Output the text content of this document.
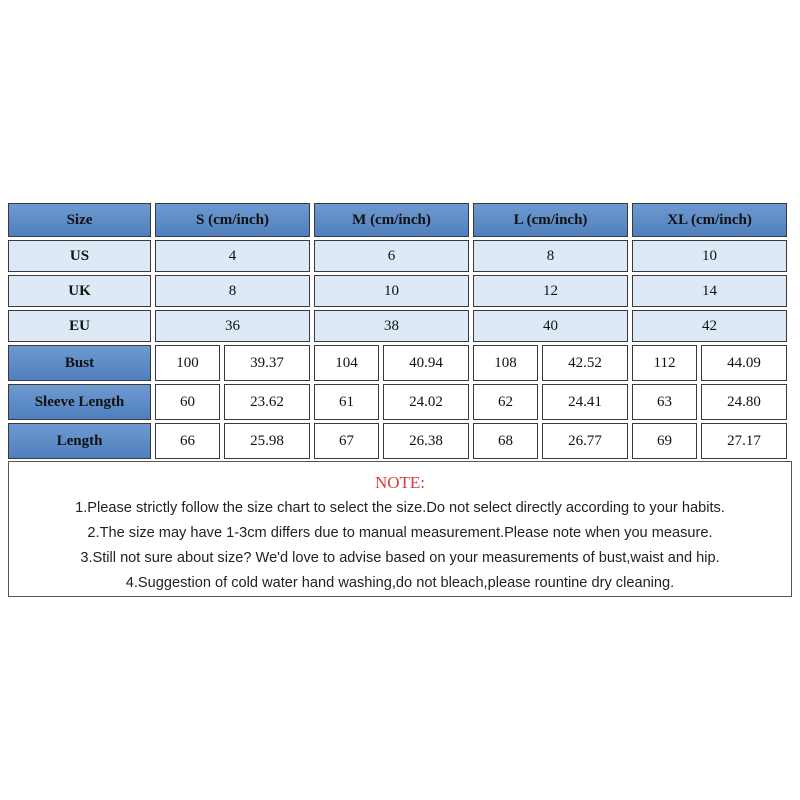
Size	S (cm/inch)		M (cm/inch)		L (cm/inch)		XL (cm/inch)	
US	4		6		8		10	
UK	8		10		12		14	
EU	36		38		40		42	
Bust	100	39.37	104	40.94	108	42.52	112	44.09
Sleeve Length	60	23.62	61	24.02	62	24.41	63	24.80
Length	66	25.98	67	26.38	68	26.77	69	27.17
NOTE:
1.Please strictly follow the size chart to select the size.Do not select directly according to your habits.
2.The size may have 1-3cm differs due to manual measurement.Please note when you measure.
3.Still not sure about size? We'd love to advise based on your measurements of bust,waist and hip.
4.Suggestion of cold water hand washing,do not bleach,please rountine dry cleaning.
